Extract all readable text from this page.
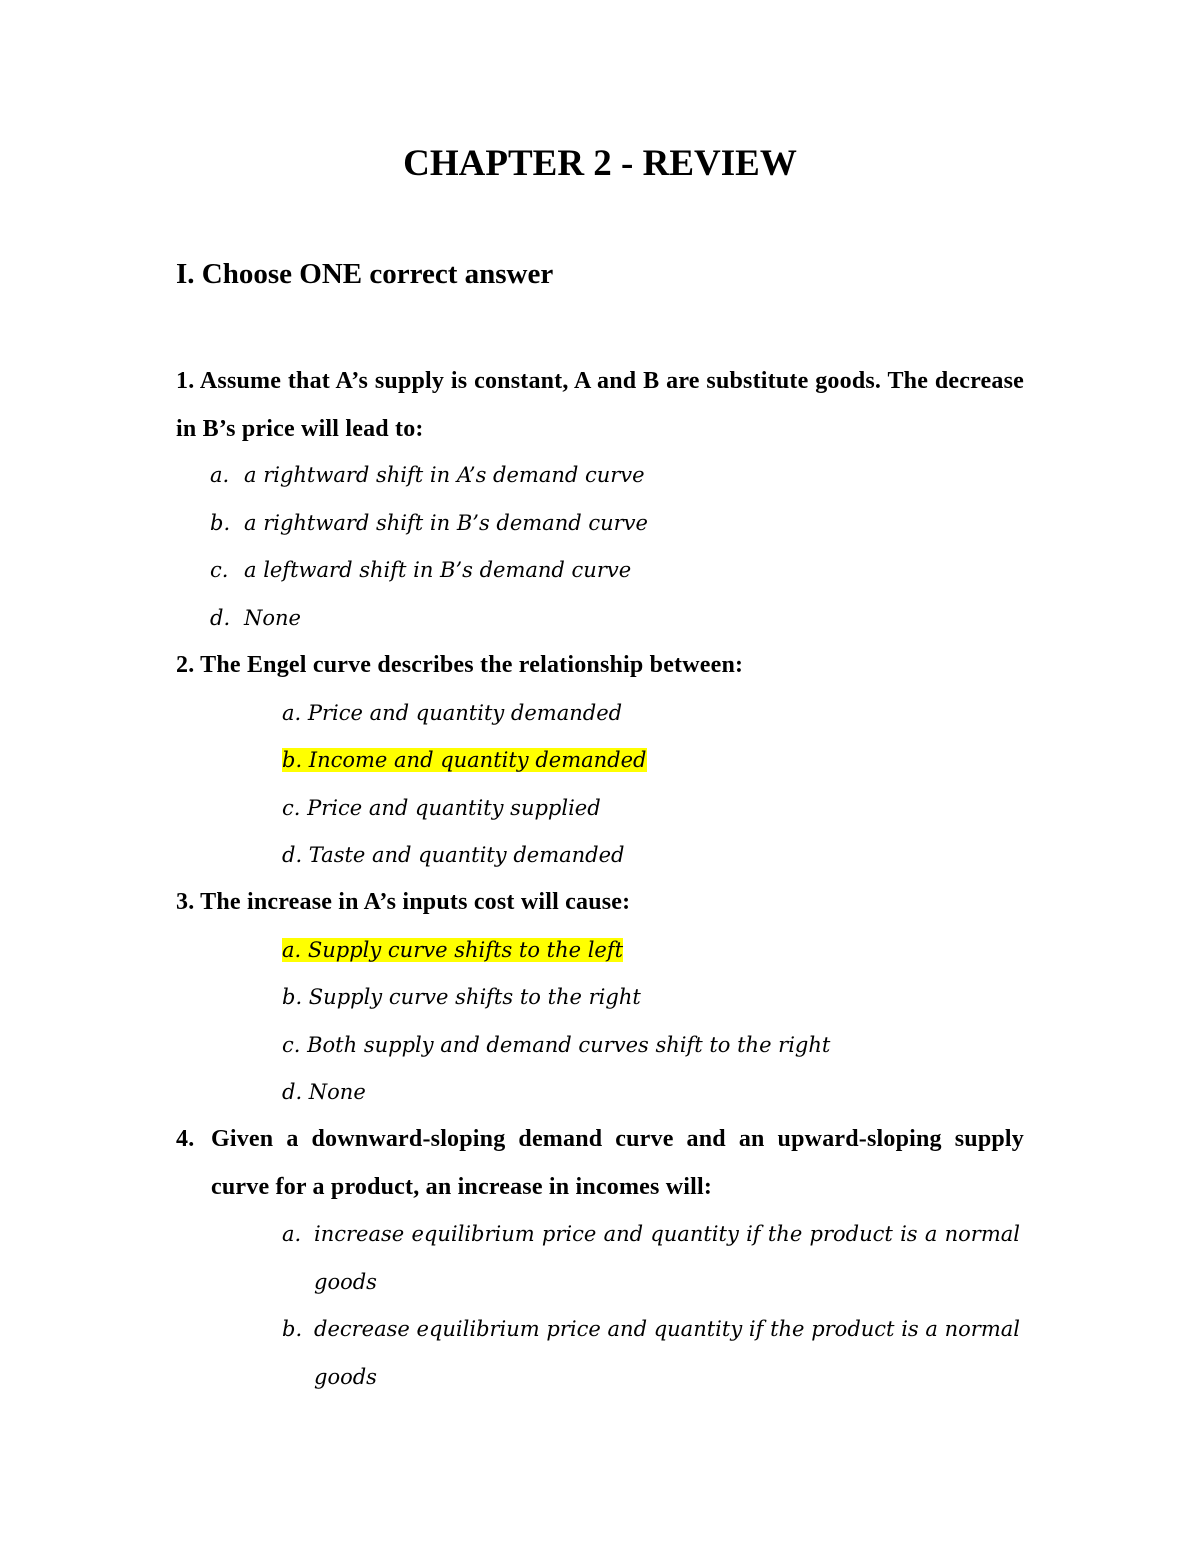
CHAPTER 2 - REVIEW
I. Choose ONE correct answer
1. Assume that A’s supply is constant, A and B are substitute goods. The decrease in B’s price will lead to:
a. a rightward shift in A’s demand curve
b. a rightward shift in B’s demand curve
c. a leftward shift in B’s demand curve
d. None
2. The Engel curve describes the relationship between:
a. Price and quantity demanded
b. Income and quantity demanded
c. Price and quantity supplied
d. Taste and quantity demanded
3. The increase in A’s inputs cost will cause:
a. Supply curve shifts to the left
b. Supply curve shifts to the right
c. Both supply and demand curves shift to the right
d. None
4. Given a downward-sloping demand curve and an upward-sloping supply curve for a product, an increase in incomes will:
a. increase equilibrium price and quantity if the product is a normal goods
b. decrease equilibrium price and quantity if the product is a normal goods
